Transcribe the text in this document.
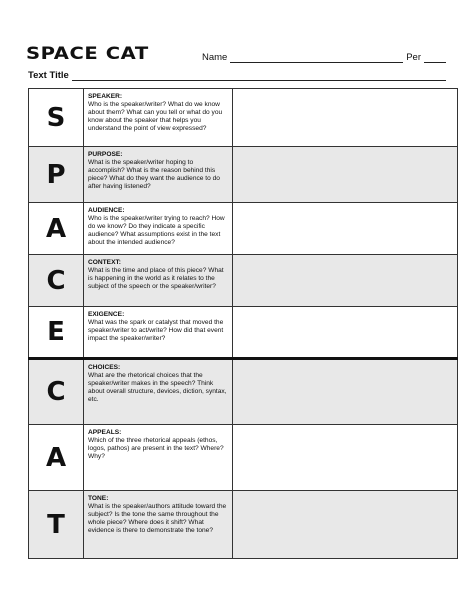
SPACE CAT	Name	Per
Text Title
S	SPEAKER:
Who is the speaker/writer? What do we know about them? What can you tell or what do you know about the speaker that helps you understand the point of view expressed?	
P	PURPOSE:
What is the speaker/writer hoping to accomplish? What is the reason behind this piece? What do they want the audience to do after having listened?	
A	AUDIENCE:
Who is the speaker/writer trying to reach? How do we know? Do they indicate a specific audience? What assumptions exist in the text about the intended audience?	
C	CONTEXT:
What is the time and place of this piece? What is happening in the world as it relates to the subject of the speech or the speaker/writer?	
E	EXIGENCE:
What was the spark or catalyst that moved the speaker/writer to act/write? How did that event impact the speaker/writer?	
C	CHOICES:
What are the rhetorical choices that the speaker/writer makes in the speech? Think about overall structure, devices, diction, syntax, etc.	
A	APPEALS:
Which of the three rhetorical appeals (ethos, logos, pathos) are present in the text? Where? Why?	
T	TONE:
What is the speaker/authors attitude toward the subject? Is the tone the same throughout the whole piece? Where does it shift? What evidence is there to demonstrate the tone?	
